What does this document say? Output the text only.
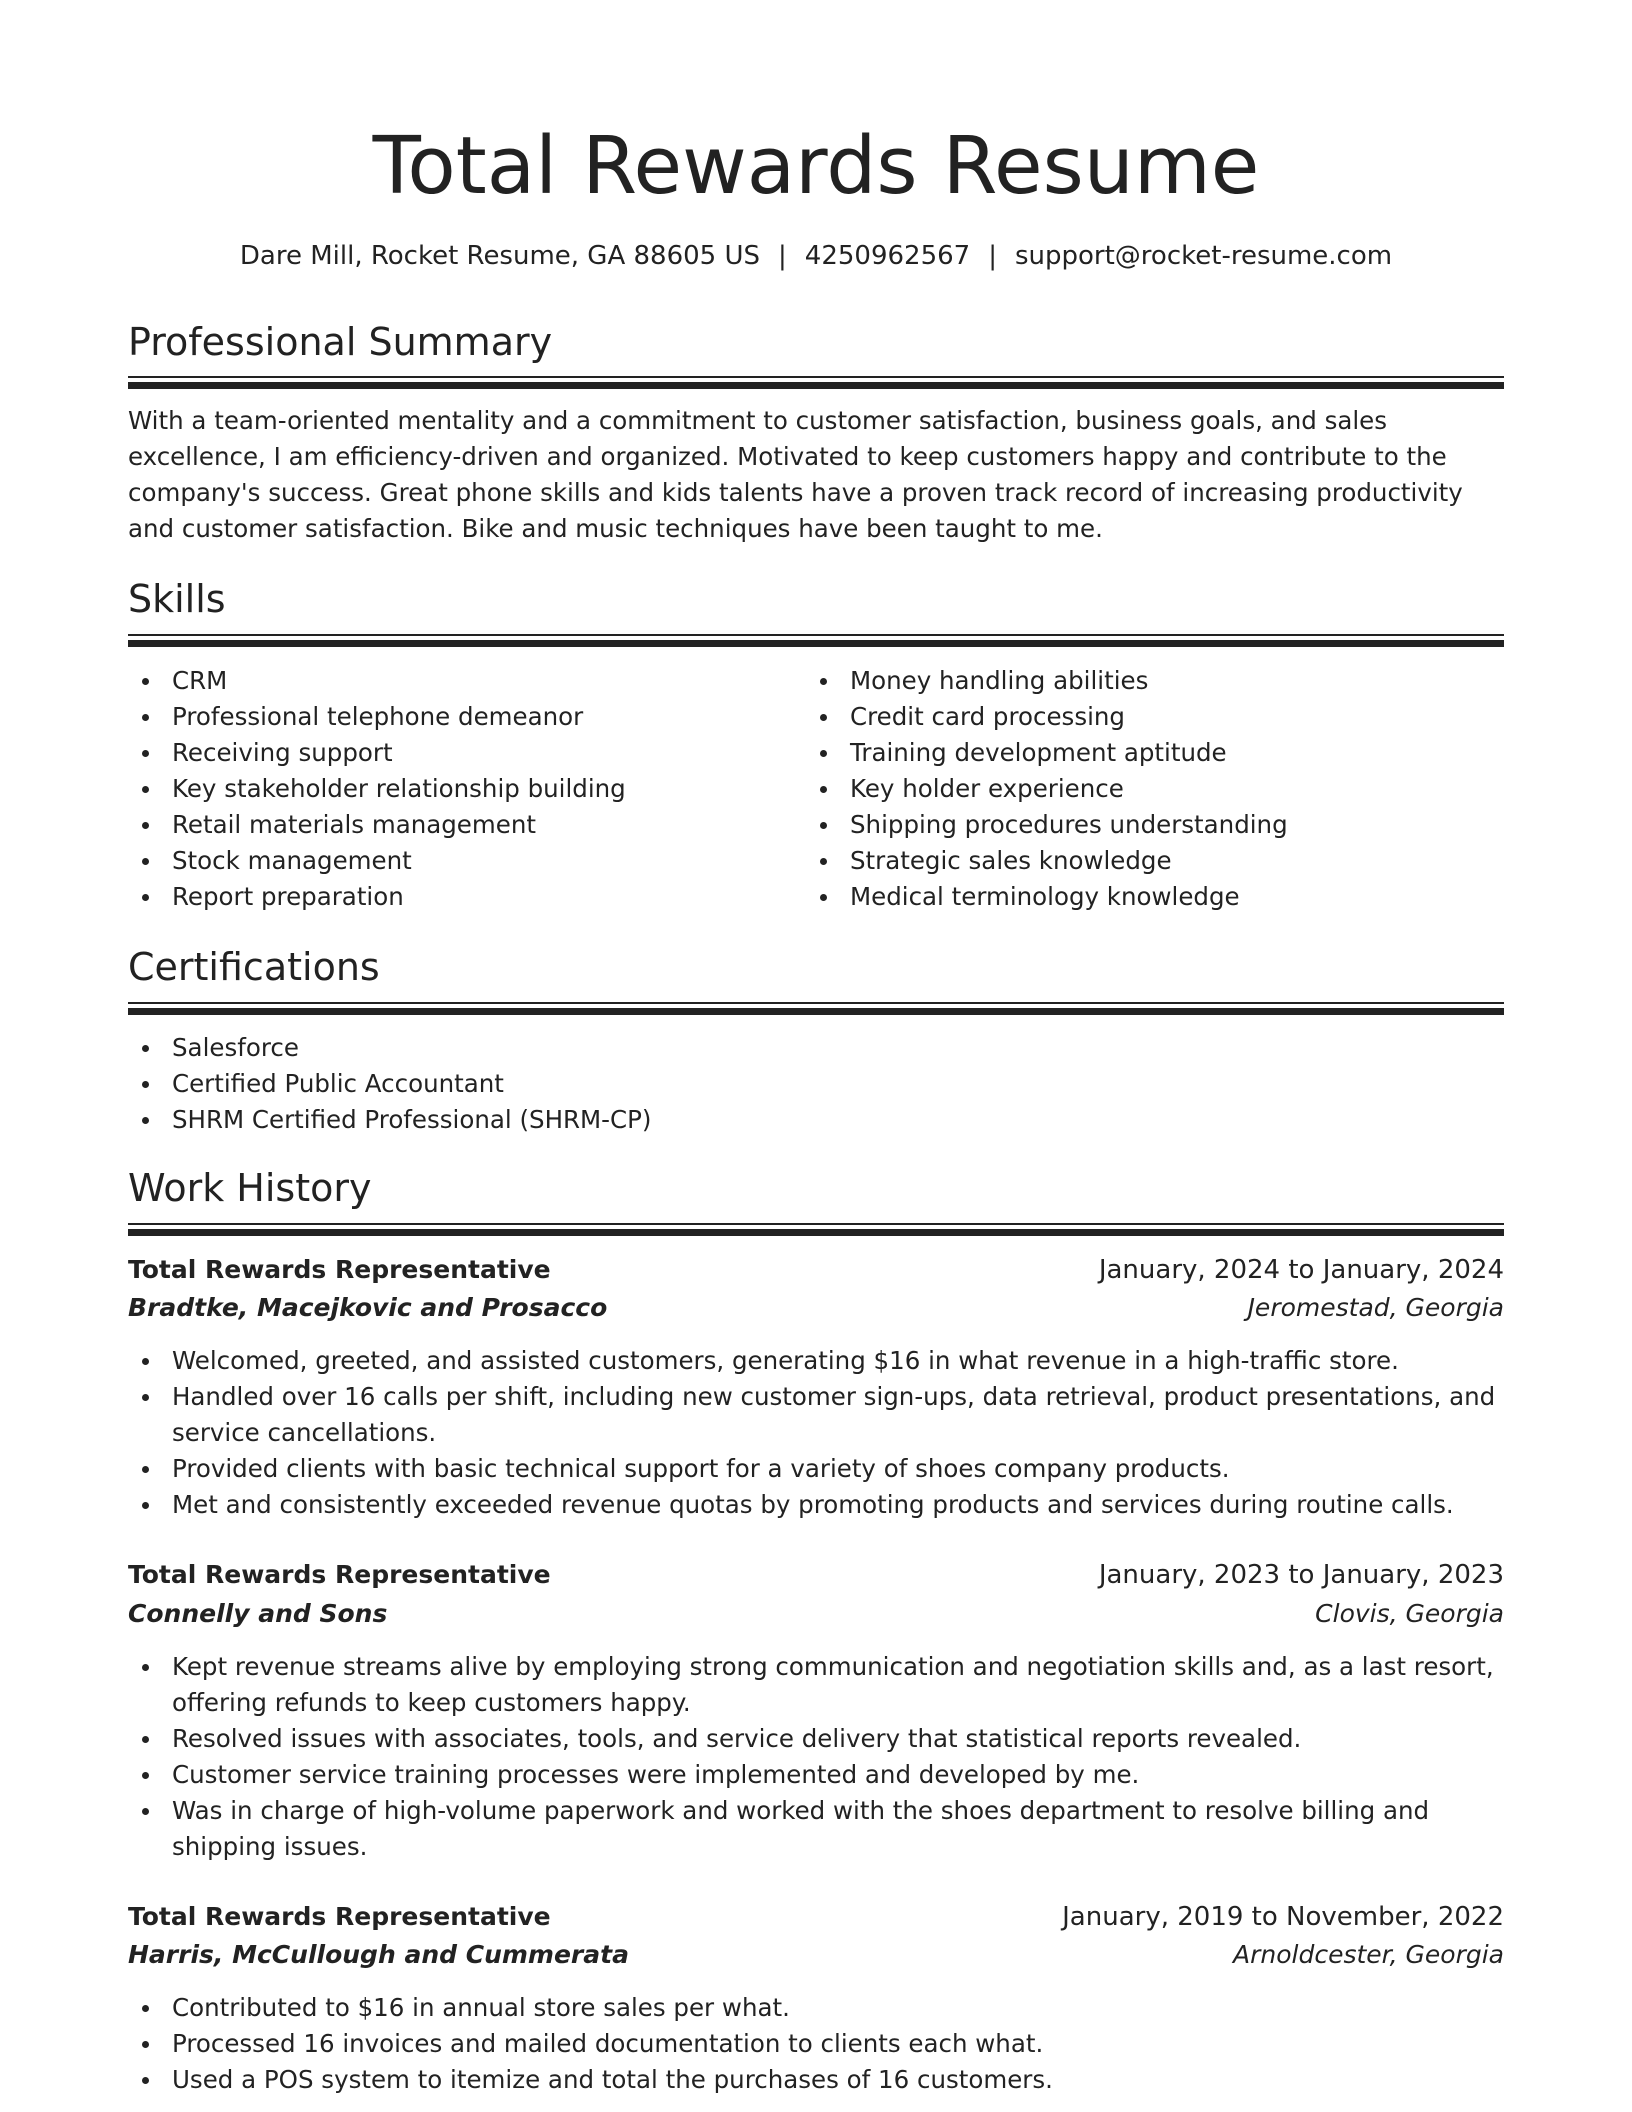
Total Rewards Resume
Dare Mill, Rocket Resume, GA 88605 US | 4250962567 | support@rocket-resume.com
Professional Summary

With a team-oriented mentality and a commitment to customer satisfaction, business goals, and sales excellence, I am efficiency-driven and organized. Motivated to keep customers happy and contribute to the company's success. Great phone skills and kids talents have a proven track record of increasing productivity and customer satisfaction. Bike and music techniques have been taught to me.

Skills
CRM
Professional telephone demeanor
Receiving support
Key stakeholder relationship building
Retail materials management
Stock management
Report preparation
Money handling abilities
Credit card processing
Training development aptitude
Key holder experience
Shipping procedures understanding
Strategic sales knowledge
Medical terminology knowledge
Certifications
Salesforce
Certified Public Accountant
SHRM Certified Professional (SHRM-CP)
Work History
Total Rewards Representative	January, 2024 to January, 2024
Bradtke, Macejkovic and Prosacco	Jeromestad, Georgia
Welcomed, greeted, and assisted customers, generating $16 in what revenue in a high-traffic store.
Handled over 16 calls per shift, including new customer sign-ups, data retrieval, product presentations, and service cancellations.
Provided clients with basic technical support for a variety of shoes company products.
Met and consistently exceeded revenue quotas by promoting products and services during routine calls.
Total Rewards Representative	January, 2023 to January, 2023
Connelly and Sons	Clovis, Georgia
Kept revenue streams alive by employing strong communication and negotiation skills and, as a last resort, offering refunds to keep customers happy.
Resolved issues with associates, tools, and service delivery that statistical reports revealed.
Customer service training processes were implemented and developed by me.
Was in charge of high-volume paperwork and worked with the shoes department to resolve billing and shipping issues.
Total Rewards Representative	January, 2019 to November, 2022
Harris, McCullough and Cummerata	Arnoldcester, Georgia
Contributed to $16 in annual store sales per what.
Processed 16 invoices and mailed documentation to clients each what.
Used a POS system to itemize and total the purchases of 16 customers.
